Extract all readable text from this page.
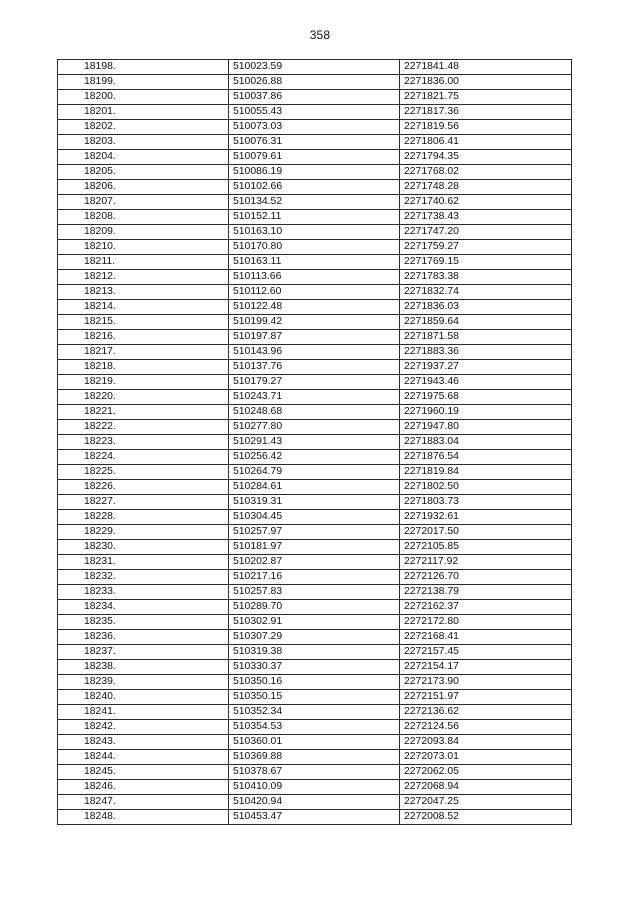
358
18198.	510023.59	2271841.48
18199.	510026.88	2271836.00
18200.	510037.86	2271821.75
18201.	510055.43	2271817.36
18202.	510073.03	2271819.56
18203.	510076.31	2271806.41
18204.	510079.61	2271794.35
18205.	510086.19	2271768.02
18206.	510102.66	2271748.28
18207.	510134.52	2271740.62
18208.	510152.11	2271738.43
18209.	510163.10	2271747.20
18210.	510170.80	2271759.27
18211.	510163.11	2271769.15
18212.	510113.66	2271783.38
18213.	510112.60	2271832.74
18214.	510122.48	2271836.03
18215.	510199.42	2271859.64
18216.	510197.87	2271871.58
18217.	510143.96	2271883.36
18218.	510137.76	2271937.27
18219.	510179.27	2271943.46
18220.	510243.71	2271975.68
18221.	510248.68	2271960.19
18222.	510277.80	2271947.80
18223.	510291.43	2271883.04
18224.	510256.42	2271876.54
18225.	510264.79	2271819.84
18226.	510284.61	2271802.50
18227.	510319.31	2271803.73
18228.	510304.45	2271932.61
18229.	510257.97	2272017.50
18230.	510181.97	2272105.85
18231.	510202.87	2272117.92
18232.	510217.16	2272126.70
18233.	510257.83	2272138.79
18234.	510289.70	2272162.37
18235.	510302.91	2272172.80
18236.	510307.29	2272168.41
18237.	510319.38	2272157.45
18238.	510330.37	2272154.17
18239.	510350.16	2272173.90
18240.	510350.15	2272151.97
18241.	510352.34	2272136.62
18242.	510354.53	2272124.56
18243.	510360.01	2272093.84
18244.	510369.88	2272073.01
18245.	510378.67	2272062.05
18246.	510410.09	2272068.94
18247.	510420.94	2272047.25
18248.	510453.47	2272008.52
